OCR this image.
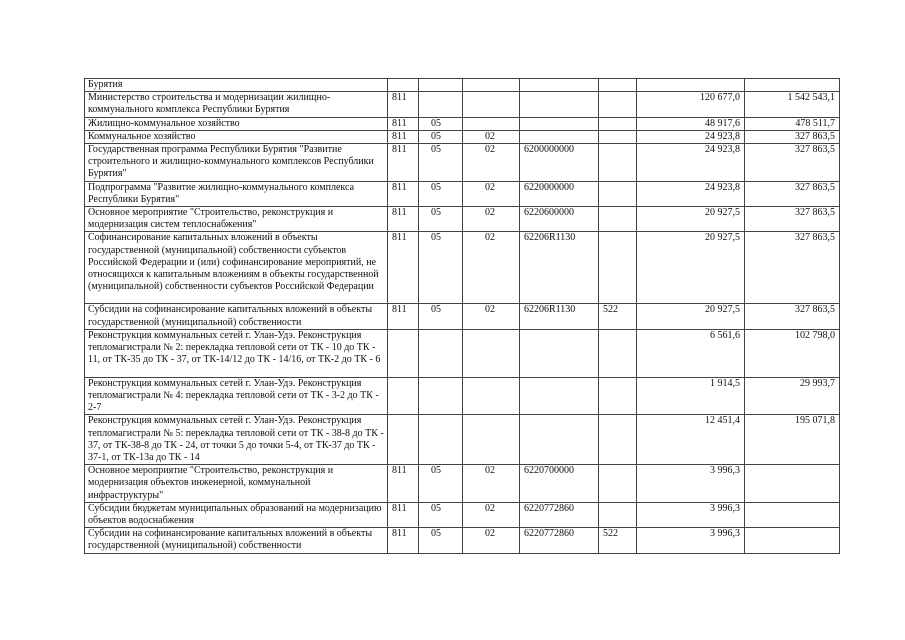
Бурятия							
Министерство строительства и модернизации жилищно-коммунального комплекса Республики Бурятия	811					120 677,0	1 542 543,1
Жилищно-коммунальное хозяйство	811	05				48 917,6	478 511,7
Коммунальное хозяйство	811	05	02			24 923,8	327 863,5
Государственная программа Республики Бурятия "Развитие строительного и жилищно-коммунального комплексов Республики Бурятия"	811	05	02	6200000000		24 923,8	327 863,5
Подпрограмма "Развитие жилищно-коммунального комплекса Республики Бурятия"	811	05	02	6220000000		24 923,8	327 863,5
Основное мероприятие "Строительство, реконструкция и модернизация систем теплоснабжения"	811	05	02	6220600000		20 927,5	327 863,5
Софинансирование капитальных вложений в объекты государственной (муниципальной) собственности субъектов Российской Федерации и (или) софинансирование мероприятий, не относящихся к капитальным вложениям в объекты государственной (муниципальной) собственности субъектов Российской Федерации	811	05	02	62206R1130		20 927,5	327 863,5
Субсидии на софинансирование капитальных вложений в объекты государственной (муниципальной) собственности	811	05	02	62206R1130	522	20 927,5	327 863,5
Реконструкция коммунальных сетей г. Улан-Удэ. Реконструкция тепломагистрали № 2: перекладка тепловой сети от ТК - 10 до ТК - 11, от ТК-35 до ТК - 37, от ТК-14/12 до ТК - 14/16, от ТК-2 до ТК - 6						6 561,6	102 798,0
Реконструкция коммунальных сетей г. Улан-Удэ. Реконструкция тепломагистрали № 4: перекладка тепловой сети от ТК - 3-2 до ТК - 2-7						1 914,5	29 993,7
Реконструкция коммунальных сетей г. Улан-Удэ. Реконструкция тепломагистрали № 5: перекладка тепловой сети от ТК - 38-8 до ТК - 37, от ТК-38-8 до ТК - 24, от точки 5 до точки 5-4, от ТК-37 до ТК - 37-1, от ТК-13а до ТК - 14						12 451,4	195 071,8
Основное мероприятие "Строительство, реконструкция и модернизация объектов инженерной, коммунальной инфраструктуры"	811	05	02	6220700000		3 996,3	
Субсидии бюджетам муниципальных образований на модернизацию объектов водоснабжения	811	05	02	6220772860		3 996,3	
Субсидии на софинансирование капитальных вложений в объекты государственной (муниципальной) собственности	811	05	02	6220772860	522	3 996,3	
